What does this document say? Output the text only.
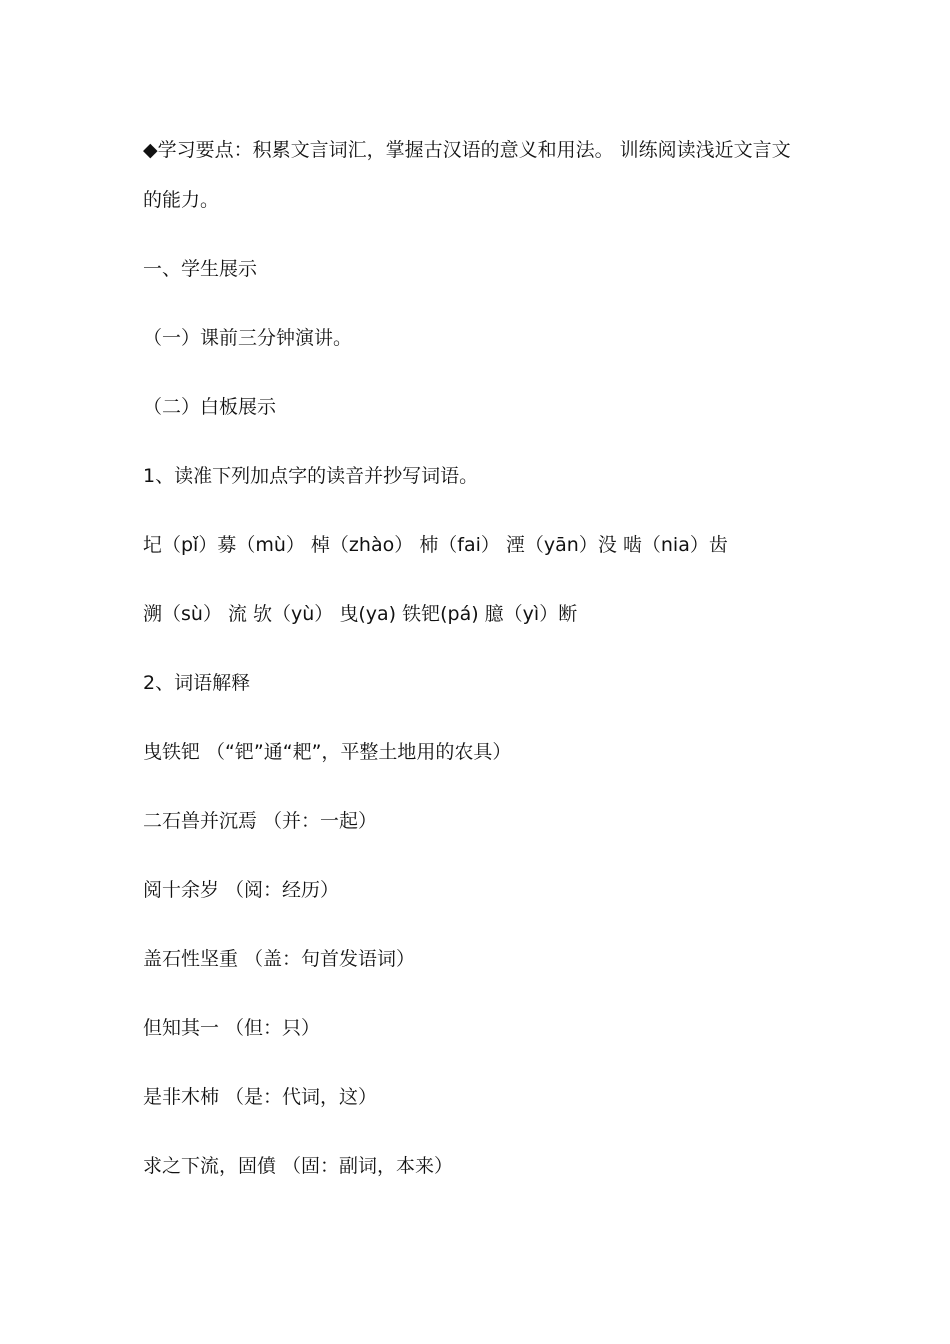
◆学习要点：积累文言词汇，掌握古汉语的意义和用法。 训练阅读浅近文言文
的能力。
一、学生展示
（一）课前三分钟演讲。
（二）白板展示
1、读准下列加点字的读音并抄写词语。
圮（pǐ）募（mù） 棹（zhào） 杮（fai） 湮（yān）没 啮（nia）齿
溯（sù） 流 欤（yù） 曳(ya) 铁钯(pá) 臆（yì）断
2、词语解释
曳铁钯 （“钯”通“耙”，平整土地用的农具）
二石兽并沉焉 （并：一起）
阅十余岁 （阅：经历）
盖石性坚重 （盖：句首发语词）
但知其一 （但：只）
是非木杮 （是：代词，这）
求之下流，固僨 （固：副词，本来）
